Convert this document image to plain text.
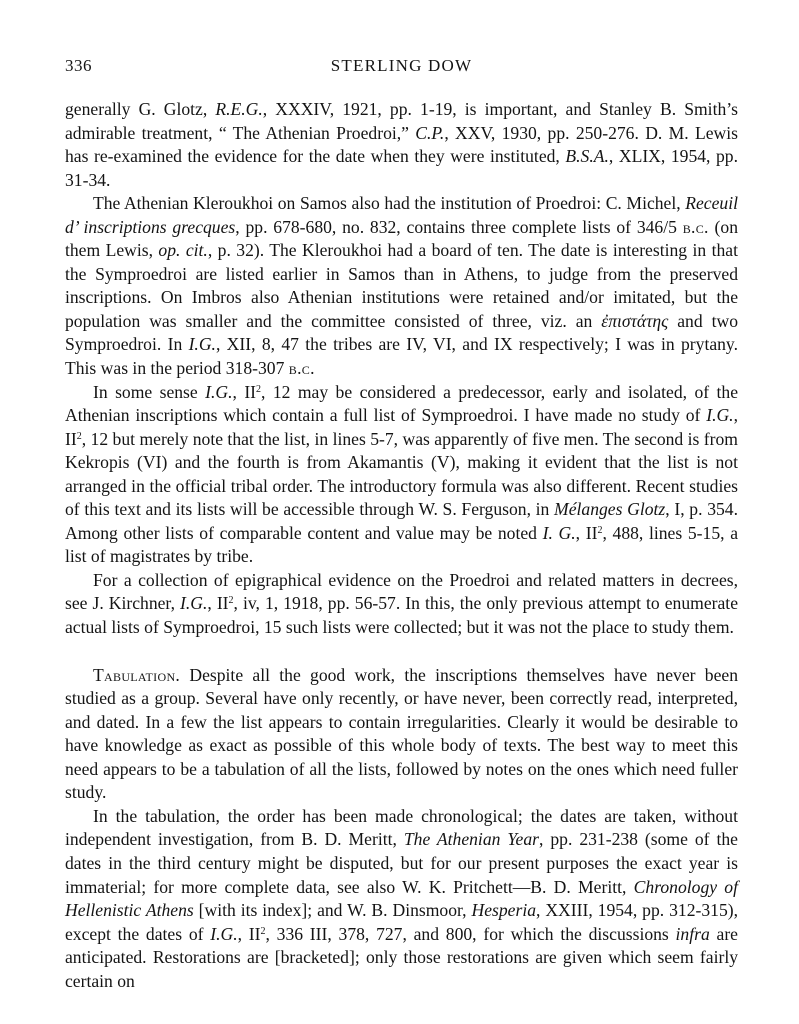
336	STERLING DOW

generally G. Glotz, R.E.G., XXXIV, 1921, pp. 1-19, is important, and Stanley B. Smith’s admirable treatment, “ The Athenian Proedroi,” C.P., XXV, 1930, pp. 250-276. D. M. Lewis has re-examined the evidence for the date when they were instituted, B.S.A., XLIX, 1954, pp. 31-34.

The Athenian Kleroukhoi on Samos also had the institution of Proedroi: C. Michel, Receuil d’ inscriptions grecques, pp. 678-680, no. 832, contains three complete lists of 346/5 b.c. (on them Lewis, op. cit., p. 32). The Kleroukhoi had a board of ten. The date is interesting in that the Symproedroi are listed earlier in Samos than in Athens, to judge from the preserved inscriptions. On Imbros also Athenian institutions were retained and/or imitated, but the population was smaller and the committee consisted of three, viz. an ἐπιστάτης and two Symproedroi. In I.G., XII, 8, 47 the tribes are IV, VI, and IX respectively; I was in prytany. This was in the period 318-307 b.c.

In some sense I.G., $II^2$, 12 may be considered a predecessor, early and isolated, of the Athenian inscriptions which contain a full list of Symproedroi. I have made no study of I.G., $II^2$, 12 but merely note that the list, in lines 5-7, was apparently of five men. The second is from Kekropis (VI) and the fourth is from Akamantis (V), making it evident that the list is not arranged in the official tribal order. The introductory formula was also different. Recent studies of this text and its lists will be accessible through W. S. Ferguson, in Mélanges Glotz, I, p. 354. Among other lists of comparable content and value may be noted I. G., $II^2$, 488, lines 5-15, a list of magistrates by tribe.

For a collection of epigraphical evidence on the Proedroi and related matters in decrees, see J. Kirchner, I.G., $II^2$, iv, 1, 1918, pp. 56-57. In this, the only previous attempt to enumerate actual lists of Symproedroi, 15 such lists were collected; but it was not the place to study them.

Tabulation. Despite all the good work, the inscriptions themselves have never been studied as a group. Several have only recently, or have never, been correctly read, interpreted, and dated. In a few the list appears to contain irregularities. Clearly it would be desirable to have knowledge as exact as possible of this whole body of texts. The best way to meet this need appears to be a tabulation of all the lists, followed by notes on the ones which need fuller study.

In the tabulation, the order has been made chronological; the dates are taken, without independent investigation, from B. D. Meritt, The Athenian Year, pp. 231-238 (some of the dates in the third century might be disputed, but for our present purposes the exact year is immaterial; for more complete data, see also W. K. Pritchett—B. D. Meritt, Chronology of Hellenistic Athens [with its index]; and W. B. Dinsmoor, Hesperia, XXIII, 1954, pp. 312-315), except the dates of I.G., $II^2$, 336 III, 378, 727, and 800, for which the discussions infra are anticipated. Restorations are [bracketed]; only those restorations are given which seem fairly certain on
